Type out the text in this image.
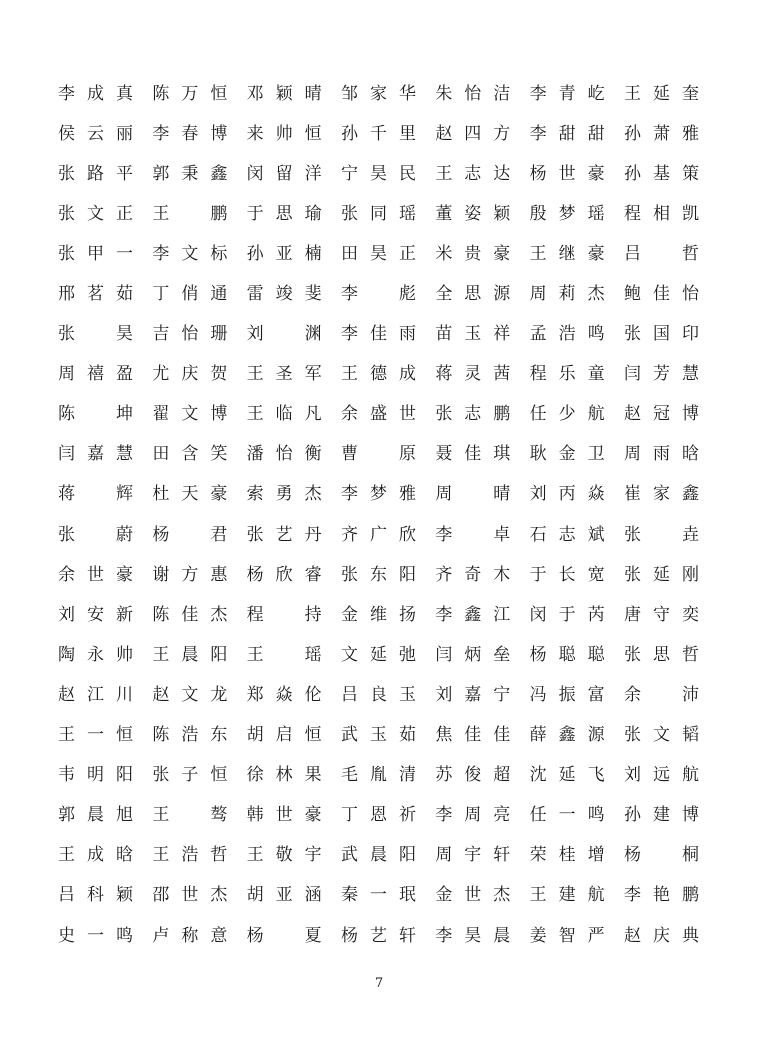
李成真 陈万恒 邓颖晴 邹家华 朱怡洁 李青屹 王延奎
侯云丽 李春博 来帅恒 孙千里 赵四方 李甜甜 孙萧雅
张路平 郭秉鑫 闵留洋 宁昊民 王志达 杨世豪 孙基策
张文正 王　鹏 于思瑜 张同瑶 董姿颖 殷梦瑶 程相凯
张甲一 李文标 孙亚楠 田昊正 米贵豪 王继豪 吕　哲
邢茗茹 丁俏通 雷竣斐 李　彪 全思源 周莉杰 鲍佳怡
张　昊 吉怡珊 刘　渊 李佳雨 苗玉祥 孟浩鸣 张国印
周禧盈 尤庆贺 王圣军 王德成 蒋灵茜 程乐童 闫芳慧
陈　坤 翟文博 王临凡 余盛世 张志鹏 任少航 赵冠博
闫嘉慧 田含笑 潘怡衡 曹　原 聂佳琪 耿金卫 周雨晗
蒋　辉 杜天豪 索勇杰 李梦雅 周　晴 刘丙焱 崔家鑫
张　蔚 杨　君 张艺丹 齐广欣 李　卓 石志斌 张　垚
余世豪 谢方惠 杨欣睿 张东阳 齐奇木 于长宽 张延刚
刘安新 陈佳杰 程　持 金维扬 李鑫江 闵于芮 唐守奕
陶永帅 王晨阳 王　瑶 文延弛 闫炳垒 杨聪聪 张思哲
赵江川 赵文龙 郑焱伦 吕良玉 刘嘉宁 冯振富 余　沛
王一恒 陈浩东 胡启恒 武玉茹 焦佳佳 薛鑫源 张文韬
韦明阳 张子恒 徐林果 毛胤清 苏俊超 沈延飞 刘远航
郭晨旭 王　骜 韩世豪 丁恩祈 李周亮 任一鸣 孙建博
王成晗 王浩哲 王敬宇 武晨阳 周宇轩 荣桂增 杨　桐
吕科颖 邵世杰 胡亚涵 秦一珉 金世杰 王建航 李艳鹏
史一鸣 卢称意 杨　夏 杨艺轩 李昊晨 姜智严 赵庆典
7
